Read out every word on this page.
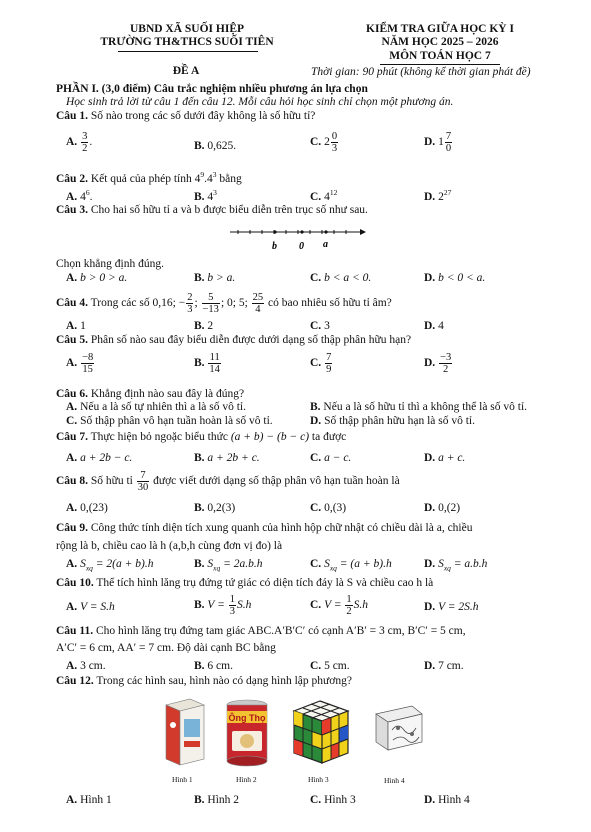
UBND XÃ SUỐI HIỆP
TRƯỜNG TH&THCS SUỐI TIÊN
ĐỀ A
KIỂM TRA GIỮA HỌC KỲ I
NĂM HỌC 2025 – 2026
MÔN TOÁN HỌC 7
Thời gian: 90 phút (không kể thời gian phát đề)
PHẦN I. (3,0 điểm) Câu trắc nghiệm nhiều phương án lựa chọn
Học sinh trả lời từ câu 1 đến câu 12. Mỗi câu hỏi học sinh chỉ chọn một phương án.
Câu 1. Số nào trong các số dưới đây không là số hữu tỉ?
A. $\frac{3}{2}$ .	B. 0,625.	C. $2 \frac{0}{3}$	D. $1 \frac{7}{0}$
Câu 2. Kết quả của phép tính $4^9.4^3$ bằng
A. $4^6$.	B. $4^3$	C. $4^{12}$	D. $2^{27}$
Câu 3. Cho hai số hữu tỉ a và b được biểu diễn trên trục số như sau.
b 0 a
Chọn khẳng định đúng.
A. b > 0 > a.	B. b > a.	C. b < a < 0.	D. b < 0 < a.
Câu 4. Trong các số 0,16; − $\frac{2}{3}$ ; $\frac{5}{-13}$ ; 0; 5; $\frac{25}{4}$ có bao nhiêu số hữu tỉ âm?
A. 1	B. 2	C. 3	D. 4
Câu 5. Phân số nào sau đây biểu diễn được dưới dạng số thập phân hữu hạn?
A. $\frac{-8}{15}$	B. $\frac{11}{14}$	C. $\frac{7}{9}$	D. $\frac{-3}{2}$
Câu 6. Khẳng định nào sau đây là đúng?
A. Nếu a là số tự nhiên thì a là số vô tỉ.	B. Nếu a là số hữu tỉ thì a không thể là số vô tỉ.
C. Số thập phân vô hạn tuần hoàn là số vô tỉ.	D. Số thập phân hữu hạn là số vô tỉ.
Câu 7. Thực hiện bỏ ngoặc biểu thức (a + b) − (b − c) ta được
A. a + 2b − c.	B. a + 2b + c.	C. a − c.	D. a + c.
Câu 8. Số hữu tỉ $\frac{7}{30}$ được viết dưới dạng số thập phân vô hạn tuần hoàn là
A. 0,(23)	B. 0,2(3)	C. 0,(3)	D. 0,(2)
Câu 9. Công thức tính diện tích xung quanh của hình hộp chữ nhật có chiều dài là a, chiều
rộng là b, chiều cao là h (a,b,h cùng đơn vị đo) là
A. $S_{xq} = 2(a + b).h$	B. $S_{xq} = 2a.b.h$	C. $S_{xq} = (a + b).h$	D. $S_{xq} = a.b.h$
Câu 10. Thể tích hình lăng trụ đứng tứ giác có diện tích đáy là S và chiều cao h là
A. V = S.h	B. $V = \frac{1}{3} S.h$	C. $V = \frac{1}{2} S.h$	D. V = 2S.h
Câu 11. Cho hình lăng trụ đứng tam giác ABC.A′B′C′ có cạnh A′B′ = 3 cm, B′C′ = 5 cm,
A′C′ = 6 cm, AA′ = 7 cm. Độ dài cạnh BC bằng
A. 3 cm.	B. 6 cm.	C. 5 cm.	D. 7 cm.
Câu 12. Trong các hình sau, hình nào có dạng hình lập phương?
Ông Thọ
Hình 1	Hình 2	Hình 3	Hình 4
A. Hình 1	B. Hình 2	C. Hình 3	D. Hình 4
